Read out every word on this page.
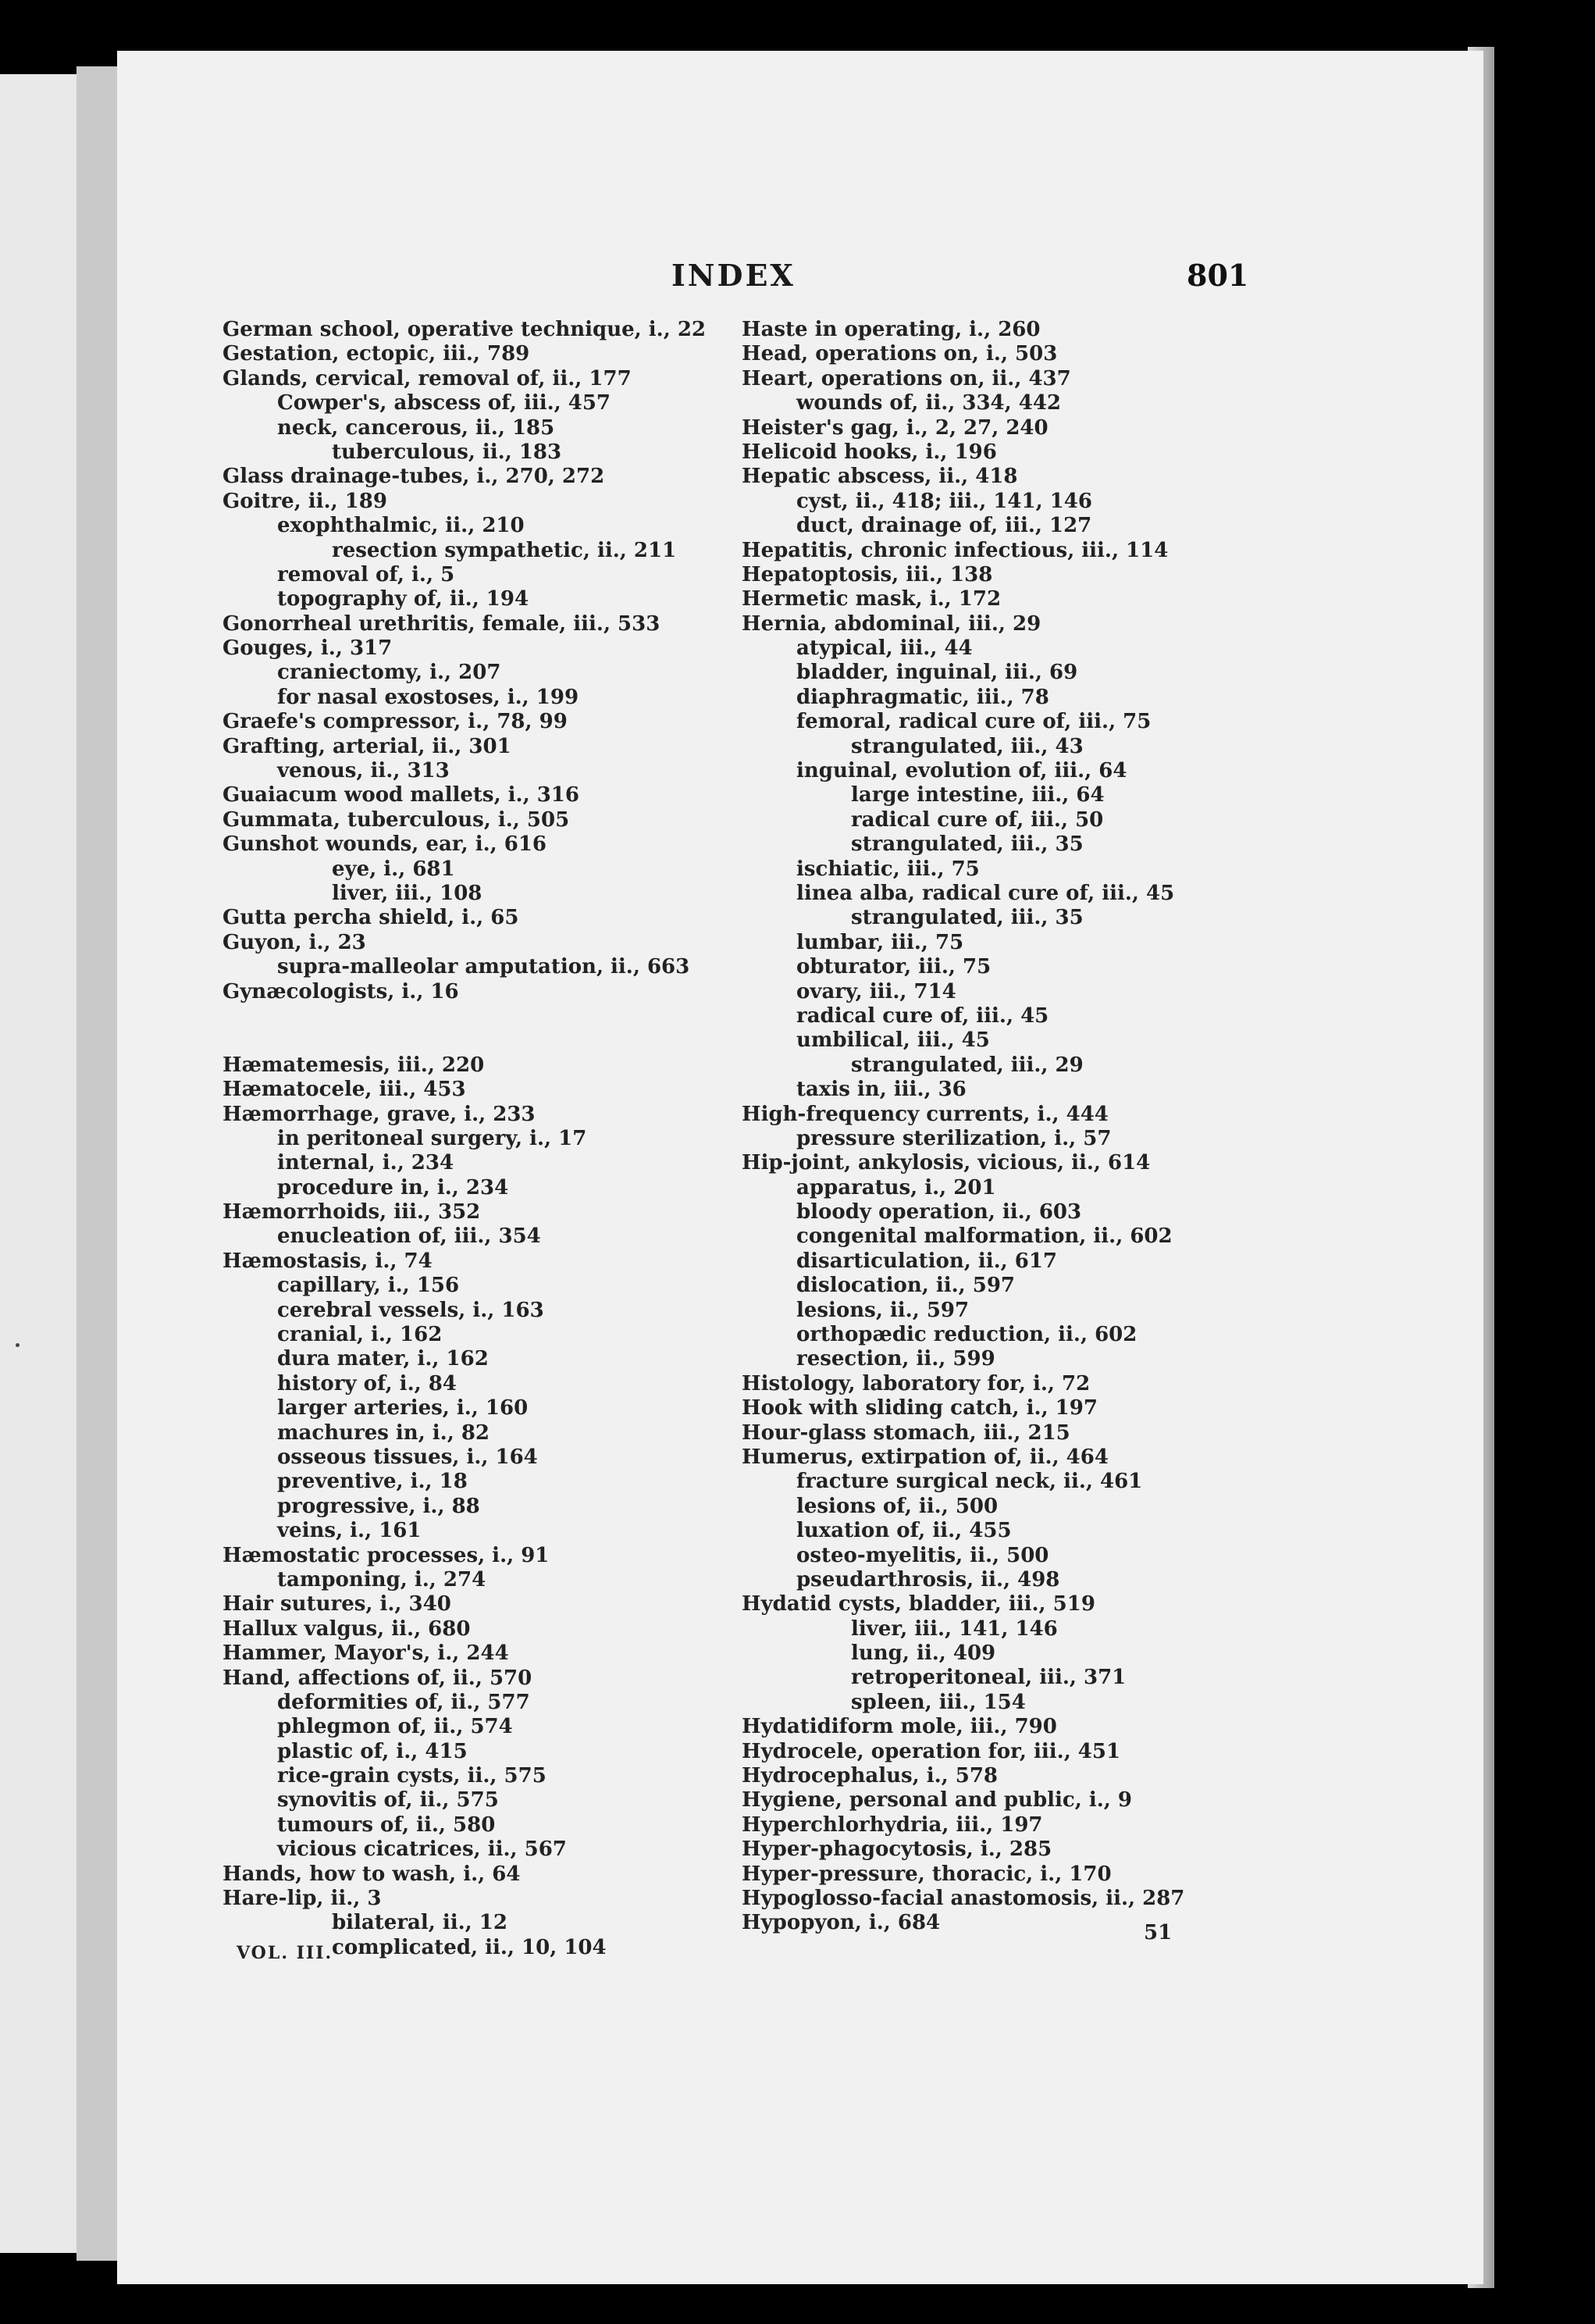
INDEX	801
German school, operative technique, i., 22
Gestation, ectopic, iii., 789
Glands, cervical, removal of, ii., 177
Cowper's, abscess of, iii., 457
neck, cancerous, ii., 185
tuberculous, ii., 183
Glass drainage-tubes, i., 270, 272
Goitre, ii., 189
exophthalmic, ii., 210
resection sympathetic, ii., 211
removal of, i., 5
topography of, ii., 194
Gonorrheal urethritis, female, iii., 533
Gouges, i., 317
craniectomy, i., 207
for nasal exostoses, i., 199
Graefe's compressor, i., 78, 99
Grafting, arterial, ii., 301
venous, ii., 313
Guaiacum wood mallets, i., 316
Gummata, tuberculous, i., 505
Gunshot wounds, ear, i., 616
eye, i., 681
liver, iii., 108
Gutta percha shield, i., 65
Guyon, i., 23
supra-malleolar amputation, ii., 663
Gynæcologists, i., 16
Hæmatemesis, iii., 220
Hæmatocele, iii., 453
Hæmorrhage, grave, i., 233
in peritoneal surgery, i., 17
internal, i., 234
procedure in, i., 234
Hæmorrhoids, iii., 352
enucleation of, iii., 354
Hæmostasis, i., 74
capillary, i., 156
cerebral vessels, i., 163
cranial, i., 162
dura mater, i., 162
history of, i., 84
larger arteries, i., 160
machures in, i., 82
osseous tissues, i., 164
preventive, i., 18
progressive, i., 88
veins, i., 161
Hæmostatic processes, i., 91
tamponing, i., 274
Hair sutures, i., 340
Hallux valgus, ii., 680
Hammer, Mayor's, i., 244
Hand, affections of, ii., 570
deformities of, ii., 577
phlegmon of, ii., 574
plastic of, i., 415
rice-grain cysts, ii., 575
synovitis of, ii., 575
tumours of, ii., 580
vicious cicatrices, ii., 567
Hands, how to wash, i., 64
Hare-lip, ii., 3
bilateral, ii., 12
complicated, ii., 10, 104
Haste in operating, i., 260
Head, operations on, i., 503
Heart, operations on, ii., 437
wounds of, ii., 334, 442
Heister's gag, i., 2, 27, 240
Helicoid hooks, i., 196
Hepatic abscess, ii., 418
cyst, ii., 418; iii., 141, 146
duct, drainage of, iii., 127
Hepatitis, chronic infectious, iii., 114
Hepatoptosis, iii., 138
Hermetic mask, i., 172
Hernia, abdominal, iii., 29
atypical, iii., 44
bladder, inguinal, iii., 69
diaphragmatic, iii., 78
femoral, radical cure of, iii., 75
strangulated, iii., 43
inguinal, evolution of, iii., 64
large intestine, iii., 64
radical cure of, iii., 50
strangulated, iii., 35
ischiatic, iii., 75
linea alba, radical cure of, iii., 45
strangulated, iii., 35
lumbar, iii., 75
obturator, iii., 75
ovary, iii., 714
radical cure of, iii., 45
umbilical, iii., 45
strangulated, iii., 29
taxis in, iii., 36
High-frequency currents, i., 444
pressure sterilization, i., 57
Hip-joint, ankylosis, vicious, ii., 614
apparatus, i., 201
bloody operation, ii., 603
congenital malformation, ii., 602
disarticulation, ii., 617
dislocation, ii., 597
lesions, ii., 597
orthopædic reduction, ii., 602
resection, ii., 599
Histology, laboratory for, i., 72
Hook with sliding catch, i., 197
Hour-glass stomach, iii., 215
Humerus, extirpation of, ii., 464
fracture surgical neck, ii., 461
lesions of, ii., 500
luxation of, ii., 455
osteo-myelitis, ii., 500
pseudarthrosis, ii., 498
Hydatid cysts, bladder, iii., 519
liver, iii., 141, 146
lung, ii., 409
retroperitoneal, iii., 371
spleen, iii., 154
Hydatidiform mole, iii., 790
Hydrocele, operation for, iii., 451
Hydrocephalus, i., 578
Hygiene, personal and public, i., 9
Hyperchlorhydria, iii., 197
Hyper-phagocytosis, i., 285
Hyper-pressure, thoracic, i., 170
Hypoglosso-facial anastomosis, ii., 287
Hypopyon, i., 684
VOL. III.
51
